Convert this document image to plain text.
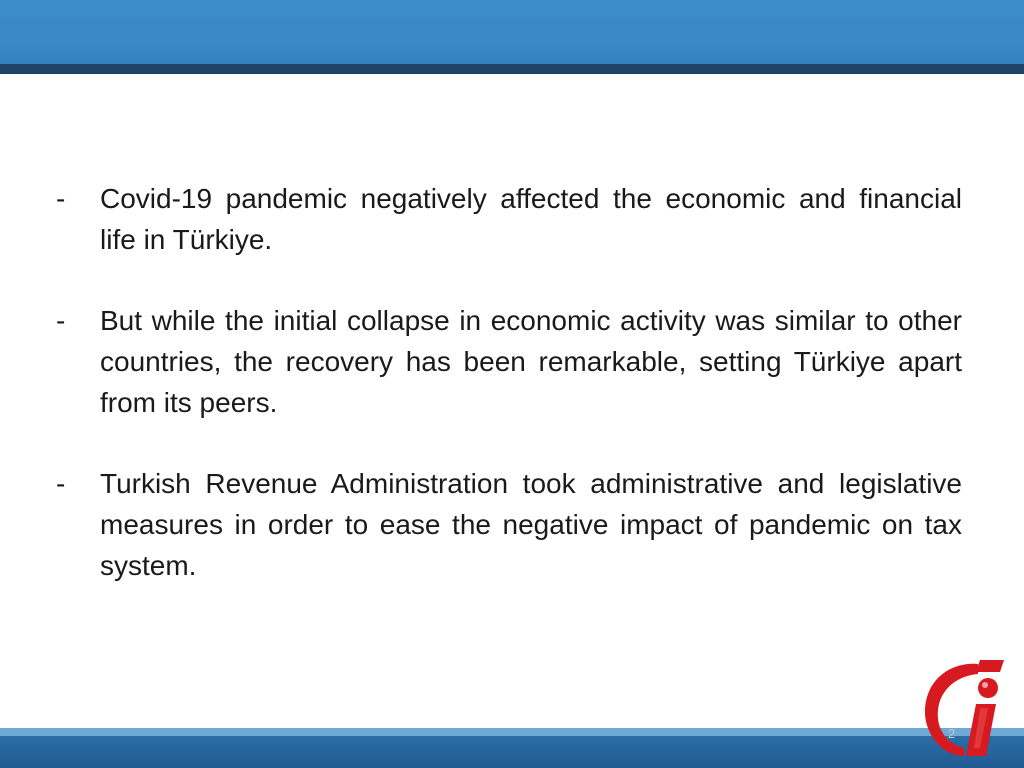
-	Covid-19 pandemic negatively affected the economic and financial life in Türkiye.
-	But while the initial collapse in economic activity was similar to other countries, the recovery has been remarkable, setting Türkiye apart from its peers.
-	Turkish Revenue Administration took administrative and legislative measures in order to ease the negative impact of pandemic on tax system.
2
